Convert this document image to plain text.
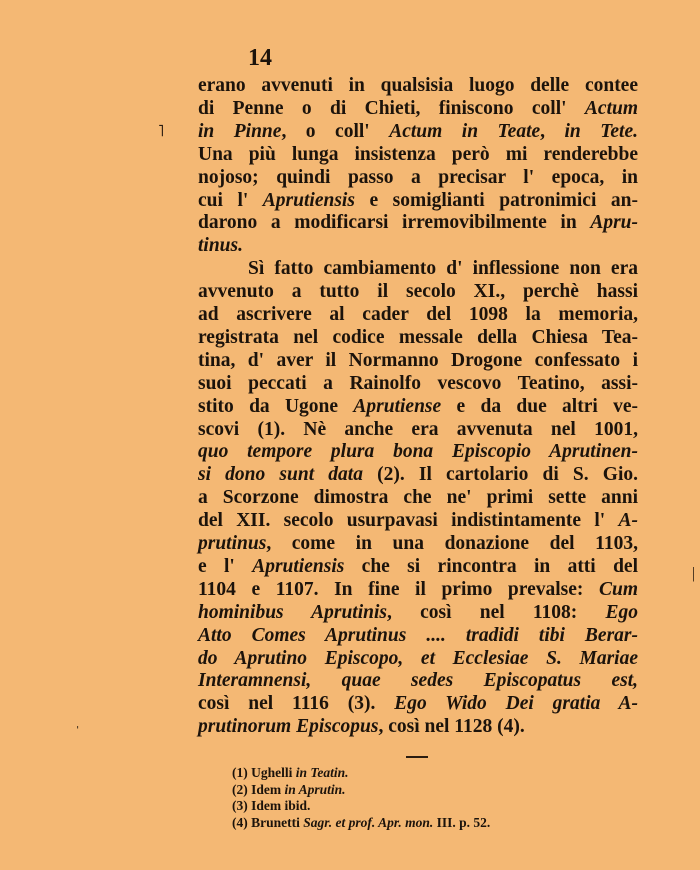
14
erano avvenuti in qualsisia luogo delle contee
di Penne o di Chieti, finiscono coll' Actum
in Pinne, o coll' Actum in Teate, in Tete.
Una più lunga insistenza però mi renderebbe
nojoso; quindi passo a precisar l' epoca, in
cui l' Aprutiensis e somiglianti patronimici an-
darono a modificarsi irremovibilmente in Apru-
tinus.
Sì fatto cambiamento d' inflessione non era
avvenuto a tutto il secolo XI., perchè hassi
ad ascrivere al cader del 1098 la memoria,
registrata nel codice messale della Chiesa Tea-
tina, d' aver il Normanno Drogone confessato i
suoi peccati a Rainolfo vescovo Teatino, assi-
stito da Ugone Aprutiense e da due altri ve-
scovi (1). Nè anche era avvenuta nel 1001,
quo tempore plura bona Episcopio Aprutinen-
si dono sunt data (2). Il cartolario di S. Gio.
a Scorzone dimostra che ne' primi sette anni
del XII. secolo usurpavasi indistintamente l' A-
prutinus, come in una donazione del 1103,
e l' Aprutiensis che si rincontra in atti del
1104 e 1107. In fine il primo prevalse: Cum
hominibus Aprutinis, così nel 1108: Ego
Atto Comes Aprutinus .... tradidi tibi Berar-
do Aprutino Episcopo, et Ecclesiae S. Mariae
Interamnensi, quae sedes Episcopatus est,
così nel 1116 (3). Ego Wido Dei gratia A-
prutinorum Episcopus, così nel 1128 (4).
(1) Ughelli in Teatin.
(2) Idem in Aprutin.
(3) Idem ibid.
(4) Brunetti Sagr. et prof. Apr. mon. III. p. 52.
˥
|
ˌ
